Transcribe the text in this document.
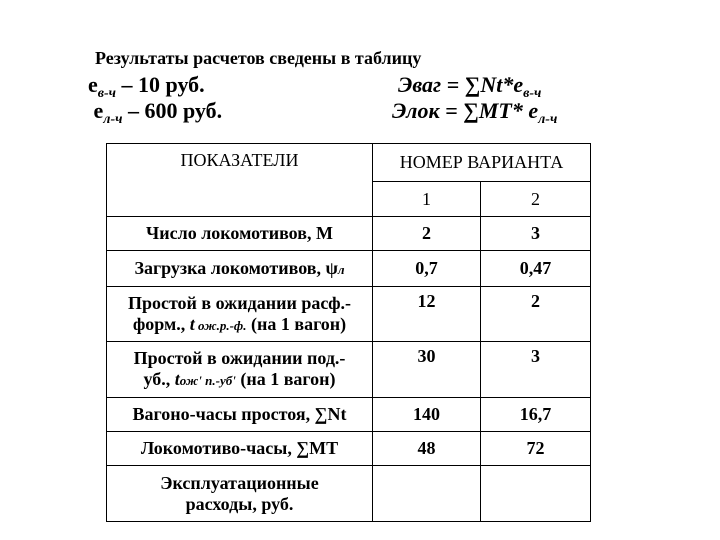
Результаты расчетов сведены в таблицу
$е_{в-ч} - 10$ руб.
$е_{л-ч} - 600$ руб.
Эваг = $\sum Nt*е_{в-ч}$
Элок = ∑MT* $е_{л-ч}$
ПОКАЗАТЕЛИ	НОМЕР ВАРИАНТА	
	1	2
Число локомотивов, М	2	3
Загрузка локомотивов, ψл	0,7	0,47

Простой в ожидании расф.-
форм., t ож.р.-ф. (на 1 вагон)	12	2

Простой в ожидании под.-
уб., tож' п.-уб' (на 1 вагон)	30	3
Вагоно-часы простоя, ∑Nt	140	16,7
Локомотиво-часы, ∑MT	48	72

Эксплуатационные
расходы, руб.		
